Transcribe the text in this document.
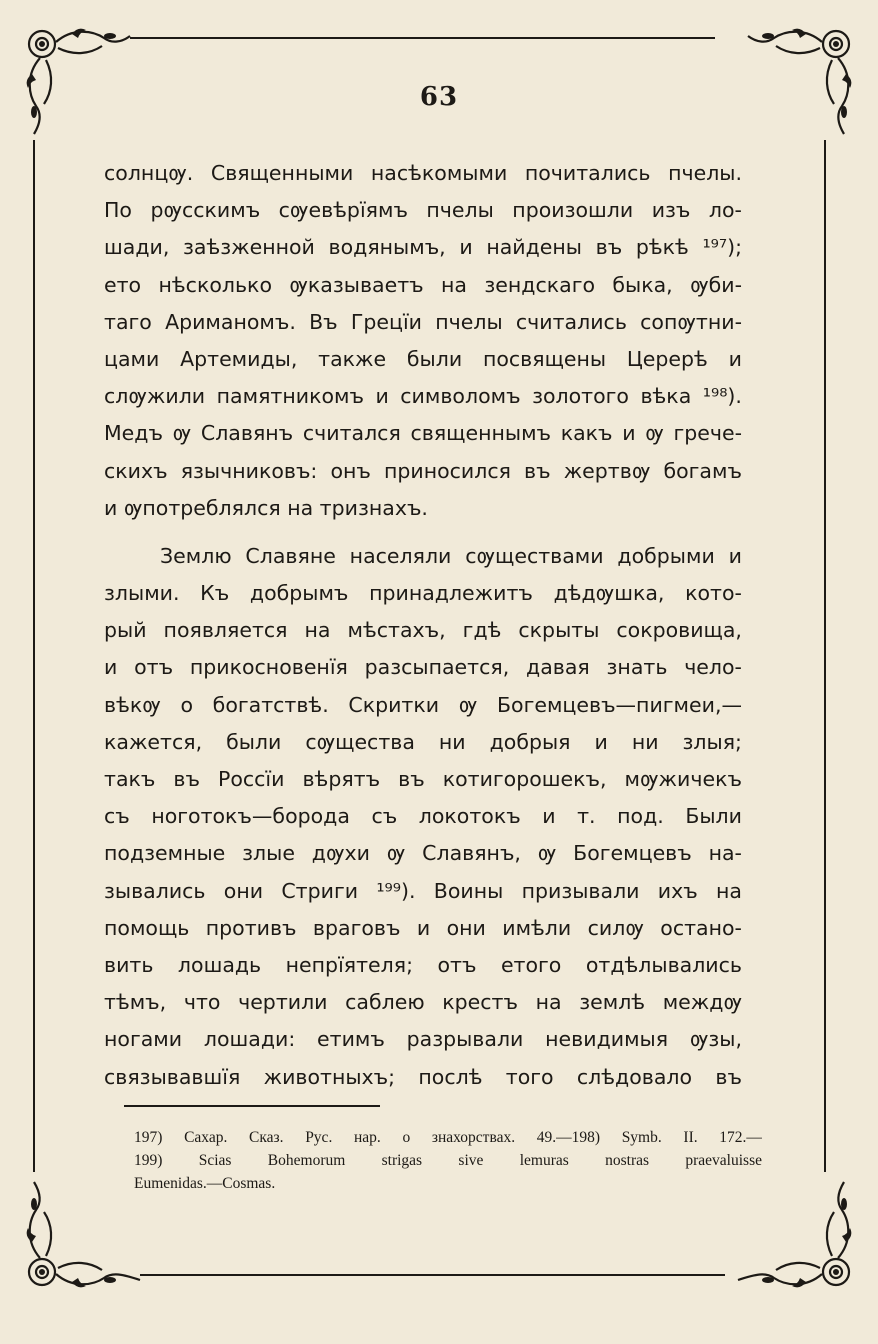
63
солнцѹ. Священными насѣкомыми почитались пчелы.
По рѹсскимъ сѹевѣрїямъ пчелы произошли изъ ло-
шади, заѣзженной водянымъ, и найдены въ рѣкѣ ¹⁹⁷);
ето нѣсколько ѹказываетъ на зендскаго быка, ѹби-
таго Ариманомъ. Въ Грецїи пчелы считались сопѹтни-
цами Артемиды, также были посвящены Церерѣ и
слѹжили памятникомъ и символомъ золотого вѣка ¹⁹⁸).
Медъ ѹ Славянъ считался священнымъ какъ и ѹ грече-
скихъ язычниковъ: онъ приносился въ жертвѹ богамъ
и ѹпотреблялся на тризнахъ.
Землю Славяне населяли сѹществами добрыми и
злыми. Къ добрымъ принадлежитъ дѣдѹшка, кото-
рый появляется на мѣстахъ, гдѣ скрыты сокровища,
и отъ прикосновенїя разсыпается, давая знать чело-
вѣкѹ о богатствѣ. Скритки ѹ Богемцевъ—пигмеи,—
кажется, были сѹщества ни добрыя и ни злыя;
такъ въ Россїи вѣрятъ въ котигорошекъ, мѹжичекъ
съ ноготокъ—борода съ локотокъ и т. под. Были
подземные злые дѹхи ѹ Славянъ, ѹ Богемцевъ на-
зывались они Стриги ¹⁹⁹). Воины призывали ихъ на
помощь противъ враговъ и они имѣли силѹ остано-
вить лошадь непрїятеля; отъ етого отдѣлывались
тѣмъ, что чертили саблею крестъ на землѣ междѹ
ногами лошади: етимъ разрывали невидимыя ѹзы,
связывавшїя животныхъ; послѣ того слѣдовало въ
197) Сахар. Сказ. Рус. нар. о знахорствах. 49.—198) Symb. II. 172.—
199) Scias Bohemorum strigas sive lemuras nostras praevaluisse
Eumenidas.—Cosmas.
